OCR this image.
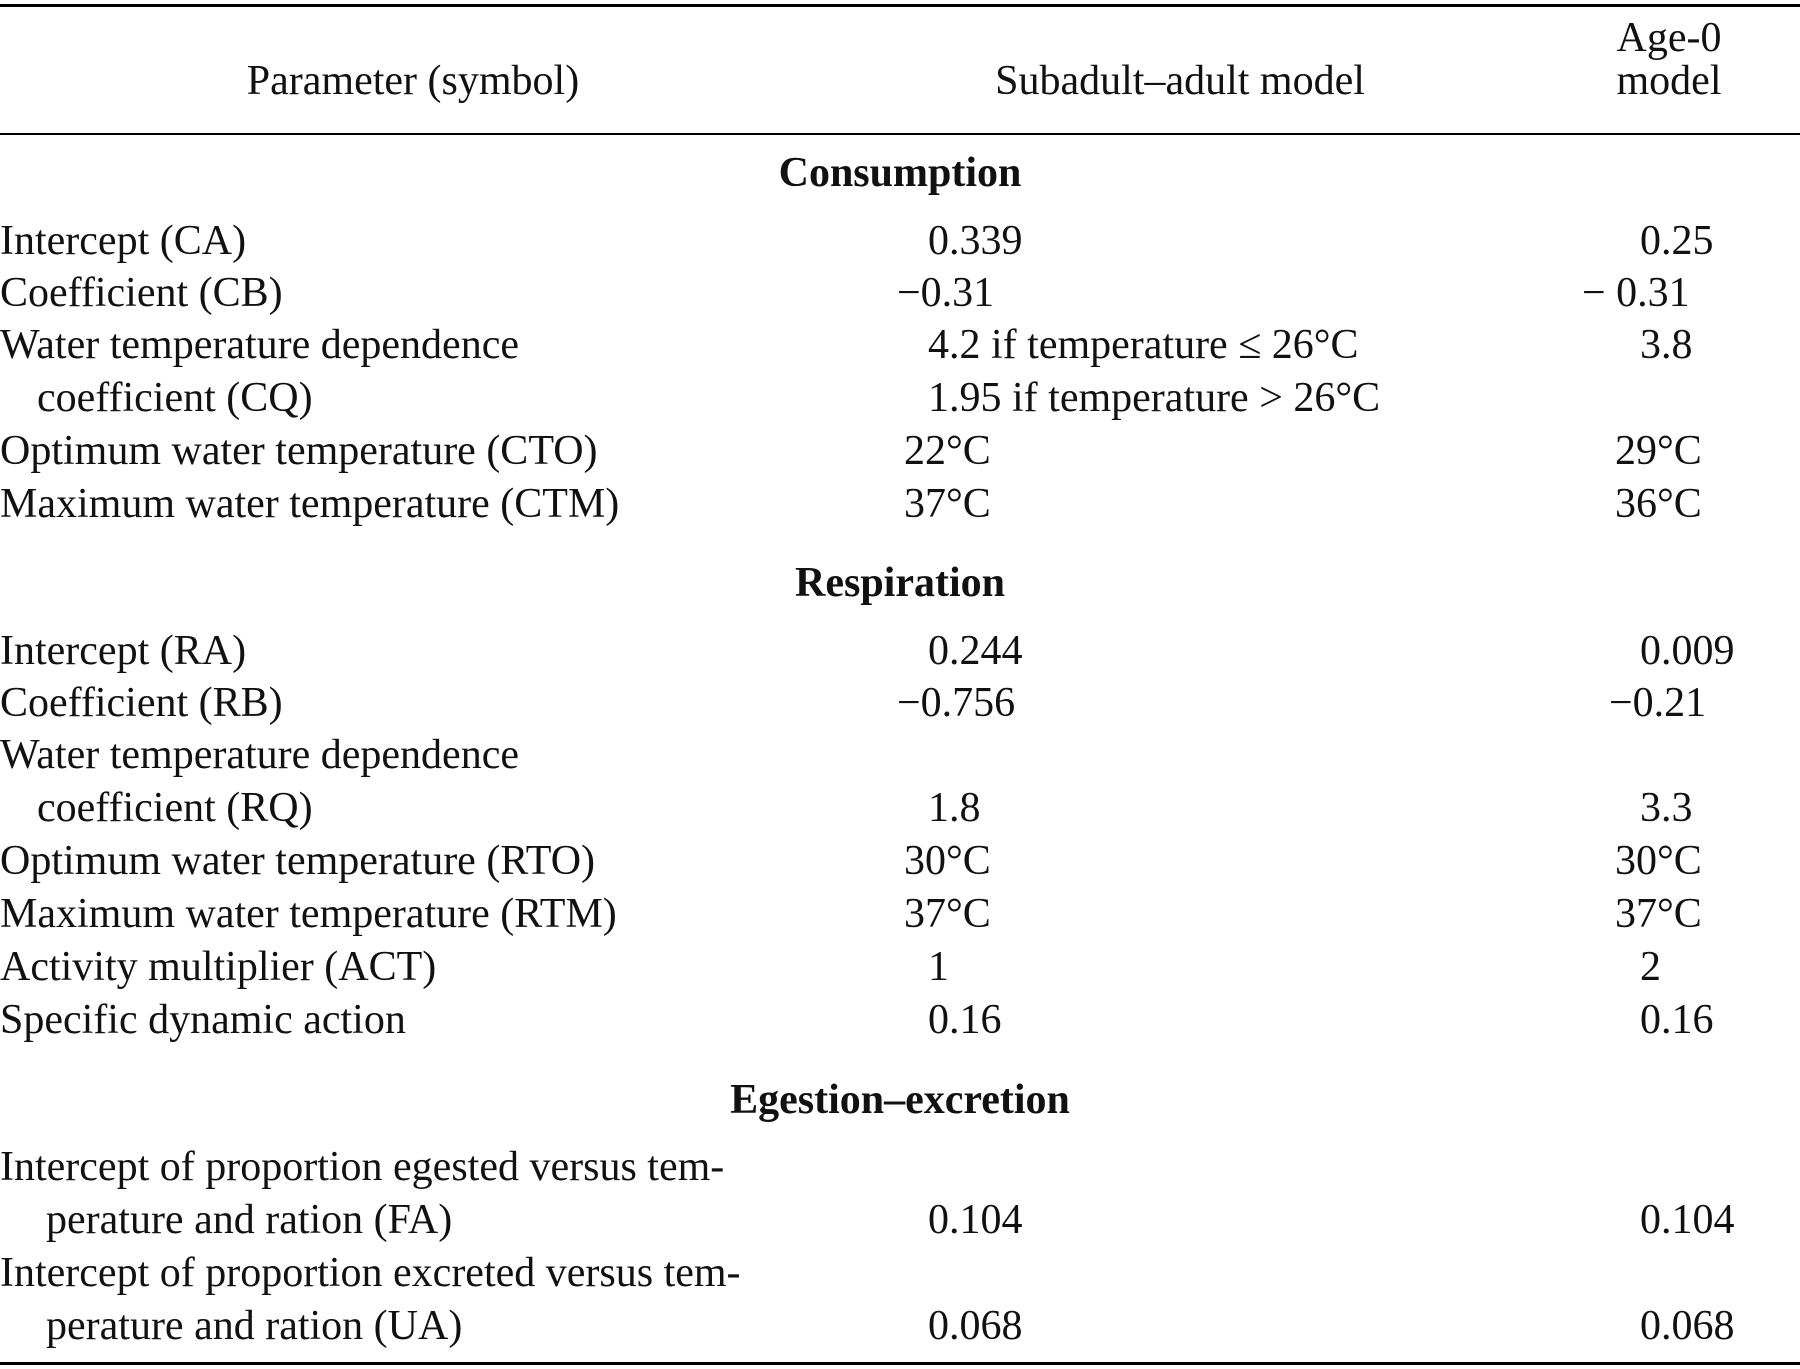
Parameter (symbol)	Subadult–adult model
Age-0
model
Consumption
Intercept (CA)	0.339	0.25
Coefficient (CB)	−0.31	− 0.31
Water temperature dependence	4.2 if temperature ≤ 26°C	3.8
coefficient (CQ)	1.95 if temperature > 26°C
Optimum water temperature (CTO)	22°C	29°C
Maximum water temperature (CTM)	37°C	36°C
Respiration
Intercept (RA)	0.244	0.009
Coefficient (RB)	−0.756	−0.21
Water temperature dependence
coefficient (RQ)	1.8	3.3
Optimum water temperature (RTO)	30°C	30°C
Maximum water temperature (RTM)	37°C	37°C
Activity multiplier (ACT)	1	2
Specific dynamic action	0.16	0.16
Egestion–excretion
Intercept of proportion egested versus tem-
perature and ration (FA)	0.104	0.104
Intercept of proportion excreted versus tem-
perature and ration (UA)	0.068	0.068
